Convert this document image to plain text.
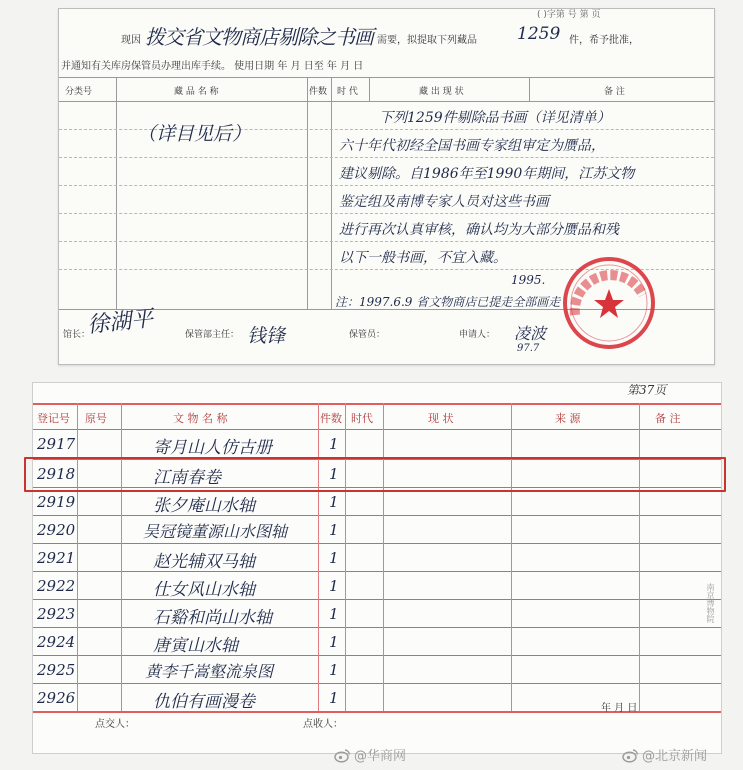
( )字第 号 第 页
现因 拨交省文物商店剔除之书画 需要，拟提取下列藏品 1259 件，希予批准，
并通知有关库房保管员办理出库手续。 使用日期 年 月 日至 年 月 日
分类号	藏 品 名 称	件数 时 代	藏 出 现 状	备 注
（详目见后）
下列1259件剔除品书画（详见清单）
六十年代初经全国书画专家组审定为赝品，
建议剔除。自1986年至1990年期间，江苏文物
鉴定组及南博专家人员对这些书画
进行再次认真审核，确认均为大部分赝品和残
以下一般书画，不宜入藏。
1995.
注：1997.6.9 省文物商店已提走全部画走
馆长：
徐湖平	保管部主任： 钱锋	保管员：	申请人： 凌波
97.7
第37页
登记号 原号	文 物 名 称	件数 时代	现 状	来 源	备 注
2917	寄月山人仿古册	1
2918	江南春卷	1
2919	张夕庵山水轴	1
2920	吴冠镜董源山水图轴	1
2921	赵光辅双马轴	1
2922	仕女风山水轴	1
2923	石谿和尚山水轴	1
2924	唐寅山水轴	1
2925	黄李千嵩壑流泉图	1
2926	仇伯有画漫卷	1
南京博物院
点交人：	点收人：
年 月 日
@华商网	@北京新闻
